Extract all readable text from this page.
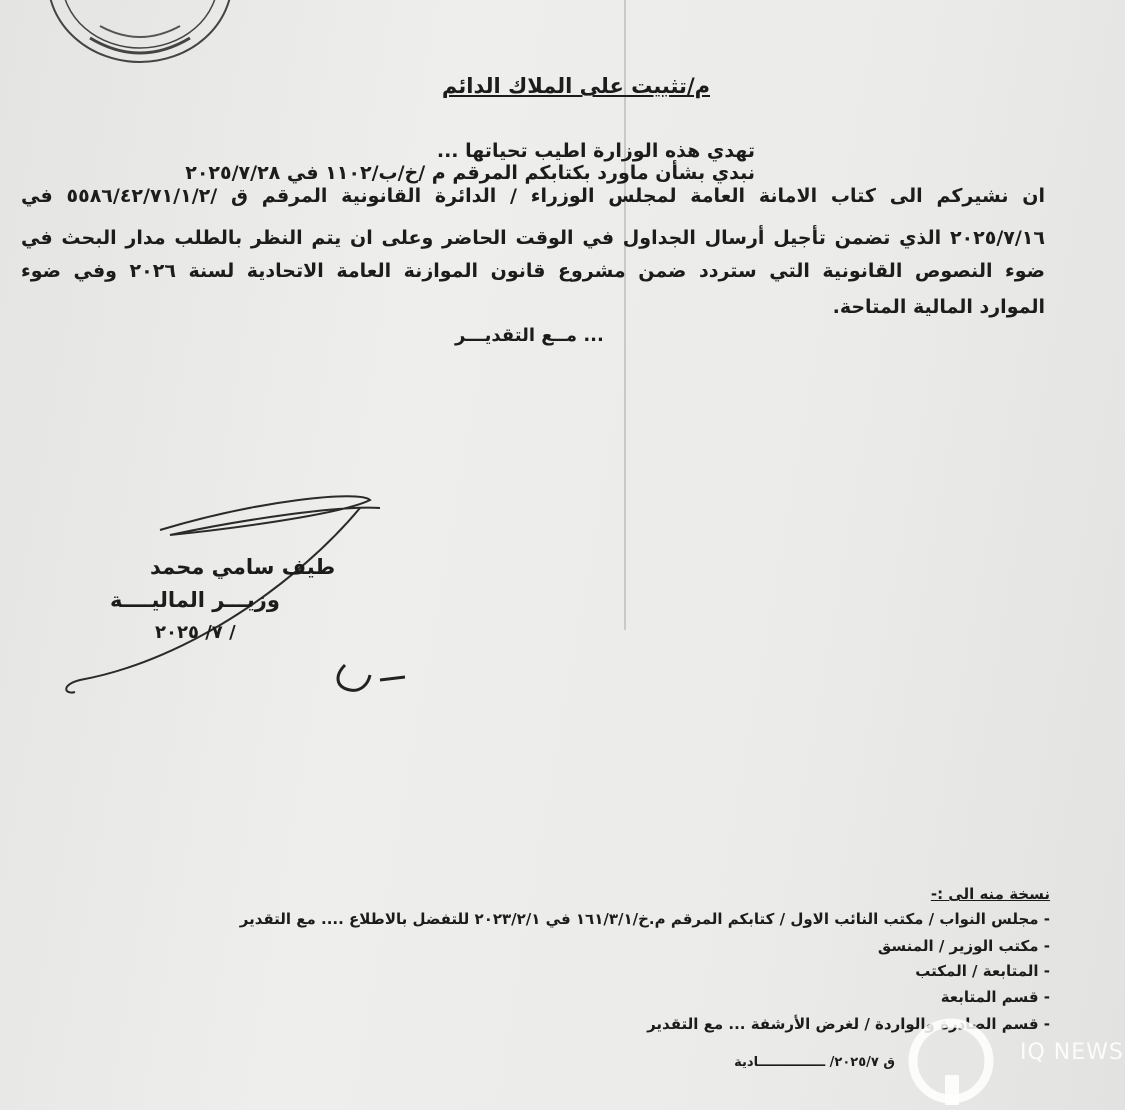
م/تثبيت على الملاك الدائم
تهدي هذه الوزارة اطيب تحياتها ...
نبدي بشأن ماورد بكتابكم المرقم م /خ/ب/١١٠٢ في ٢٠٢٥/٧/٢٨
ان نشيركم الى كتاب الامانة العامة لمجلس الوزراء / الدائرة القانونية المرقم ق /٥٥٨٦/٤٢/٧١/١/٢ في
٢٠٢٥/٧/١٦ الذي تضمن تأجيل أرسال الجداول في الوقت الحاضر وعلى ان يتم النظر بالطلب مدار البحث في
ضوء النصوص القانونية التي ستردد ضمن مشروع قانون الموازنة العامة الاتحادية لسنة ٢٠٢٦ وفي ضوء
الموارد المالية المتاحة.
... مــع التقديـــر
طيف سامي محمد
وزيـــر الماليــــة
/ ٧/ ٢٠٢٥
نسخة منه الى :-
- مجلس النواب / مكتب النائب الاول / كتابكم المرقم م.خ/١٦١/٣/١ في ٢٠٢٣/٢/١ للتفضل بالاطلاع .... مع التقدير
- مكتب الوزير / المنسق
- المتابعة / المكتب
- قسم المتابعة
- قسم الصادرة والواردة / لغرض الأرشفة ... مع التقدير
ق ٢٠٢٥/٧/ ـــــــــــــــادية	IQ NEWS
